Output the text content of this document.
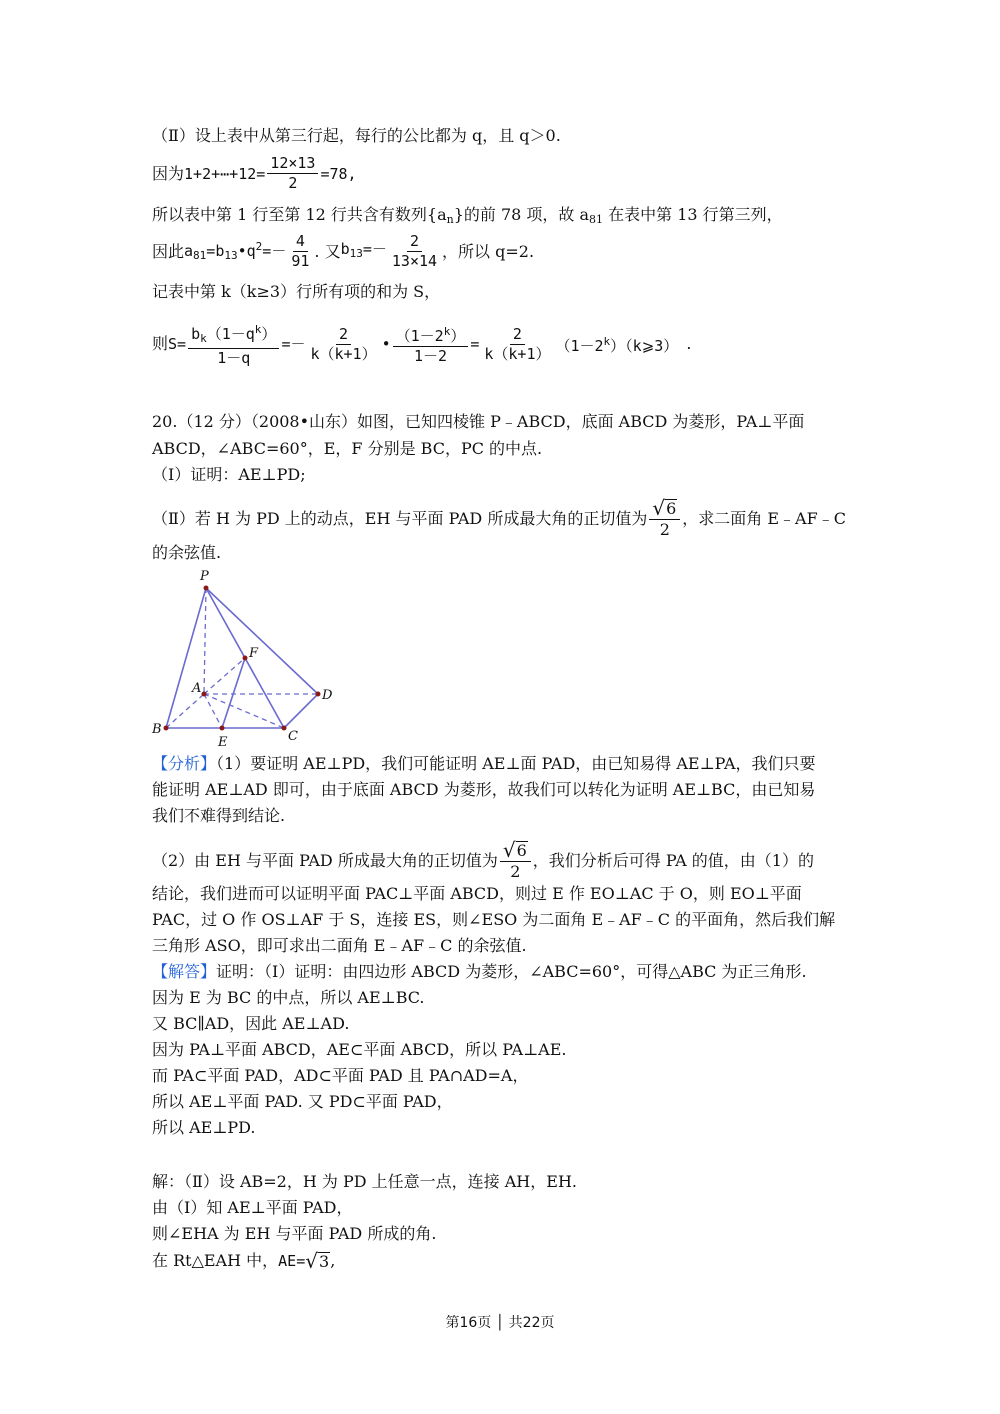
（Ⅱ）设上表中从第三行起，每行的公比都为 q，且 q＞0.
因为1+2+⋯+12= $\frac{12\times 13}{2} =78$,
所以表中第 1 行至第 12 行共含有数列$\{a_n\}$的前 78 项，故 $a_{81}$ 在表中第 13 行第三列，
因此$a_{81}=b_{13}•q^2=- \frac{4}{91}$ . 又$b_{13}=- \frac{2}{13\times 14}$ ，所以 q=2.
记表中第 k（k≥3）行所有项的和为 S，
则$S= \frac{b_k(1-q^k)}{1-q} =- \frac{2}{k(k+1)}$ • $\frac{(1-2^k)}{1-2} = \frac{2}{k(k+1)}$ $(1-2^k)(k⩾3)$ .
20.（12 分）（2008•山东）如图，已知四棱锥 P﹣ABCD，底面 ABCD 为菱形，PA⊥平面
ABCD，∠ABC=60°，E，F 分别是 BC，PC 的中点.
（Ⅰ）证明：AE⊥PD;
（Ⅱ）若 H 为 PD 上的动点，EH 与平面 PAD 所成最大角的正切值为 $\frac{√ 6}{2}$ ，求二面角 E﹣AF﹣C
的余弦值.
P
F
A	D
B
E	C
【分析】（1）要证明 AE⊥PD，我们可能证明 AE⊥面 PAD，由已知易得 AE⊥PA，我们只要
能证明 AE⊥AD 即可，由于底面 ABCD 为菱形，故我们可以转化为证明 AE⊥BC，由已知易
我们不难得到结论.
（2）由 EH 与平面 PAD 所成最大角的正切值为 $\frac{√ 6}{2}$ ，我们分析后可得 PA 的值，由（1）的
结论，我们进而可以证明平面 PAC⊥平面 ABCD，则过 E 作 EO⊥AC 于 O，则 EO⊥平面
PAC，过 O 作 OS⊥AF 于 S，连接 ES，则∠ESO 为二面角 E﹣AF﹣C 的平面角，然后我们解
三角形 ASO，即可求出二面角 E﹣AF﹣C 的余弦值.
【解答】证明：（Ⅰ）证明：由四边形 ABCD 为菱形，∠ABC=60°，可得△ABC 为正三角形.
因为 E 为 BC 的中点，所以 AE⊥BC.
又 BC∥AD，因此 AE⊥AD.
因为 PA⊥平面 ABCD，AE⊂平面 ABCD，所以 PA⊥AE.
而 PA⊂平面 PAD，AD⊂平面 PAD 且 PA∩AD=A，
所以 AE⊥平面 PAD. 又 PD⊂平面 PAD，
所以 AE⊥PD.
解：（Ⅱ）设 AB=2，H 为 PD 上任意一点，连接 AH，EH.
由（Ⅰ）知 AE⊥平面 PAD，
则∠EHA 为 EH 与平面 PAD 所成的角.
在 Rt△EAH 中，AE= √ 3 ,
第16页 │ 共22页
